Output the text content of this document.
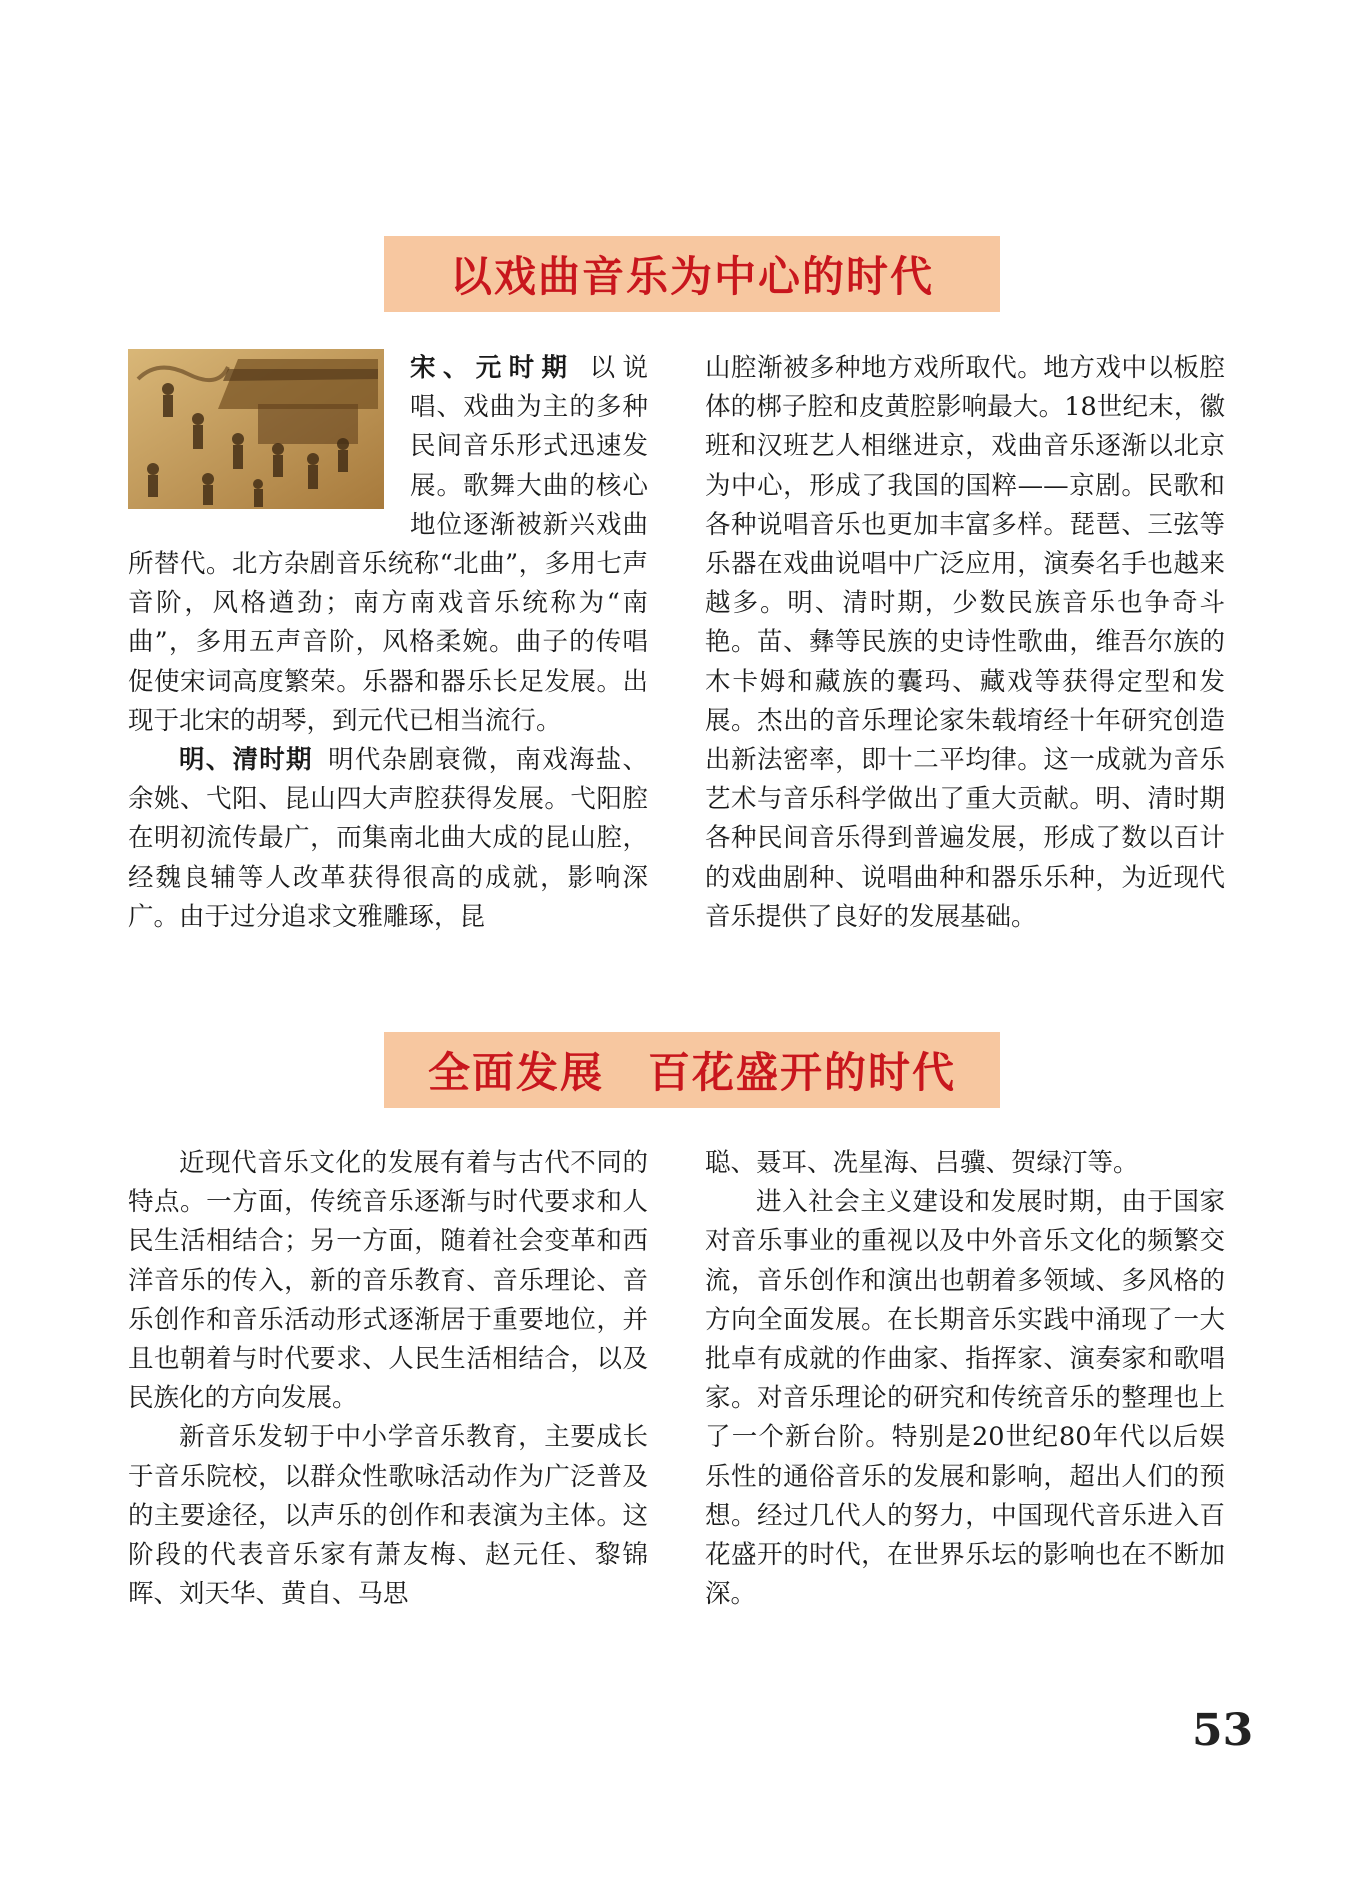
以戏曲音乐为中心的时代

宋、元时期 以说唱、戏曲为主的多种民间音乐形式迅速发展。歌舞大曲的核心地位逐渐被新兴戏曲所替代。北方杂剧音乐统称“北曲”，多用七声音阶，风格遒劲；南方南戏音乐统称为“南曲”，多用五声音阶，风格柔婉。曲子的传唱促使宋词高度繁荣。乐器和器乐长足发展。出现于北宋的胡琴，到元代已相当流行。

明、清时期 明代杂剧衰微，南戏海盐、余姚、弋阳、昆山四大声腔获得发展。弋阳腔在明初流传最广，而集南北曲大成的昆山腔，经魏良辅等人改革获得很高的成就，影响深广。由于过分追求文雅雕琢，昆

山腔渐被多种地方戏所取代。地方戏中以板腔体的梆子腔和皮黄腔影响最大。18世纪末，徽班和汉班艺人相继进京，戏曲音乐逐渐以北京为中心，形成了我国的国粹——京剧。民歌和各种说唱音乐也更加丰富多样。琵琶、三弦等乐器在戏曲说唱中广泛应用，演奏名手也越来越多。明、清时期，少数民族音乐也争奇斗艳。苗、彝等民族的史诗性歌曲，维吾尔族的木卡姆和藏族的囊玛、藏戏等获得定型和发展。杰出的音乐理论家朱载堉经十年研究创造出新法密率，即十二平均律。这一成就为音乐艺术与音乐科学做出了重大贡献。明、清时期各种民间音乐得到普遍发展，形成了数以百计的戏曲剧种、说唱曲种和器乐乐种，为近现代音乐提供了良好的发展基础。

全面发展　百花盛开的时代

近现代音乐文化的发展有着与古代不同的特点。一方面，传统音乐逐渐与时代要求和人民生活相结合；另一方面，随着社会变革和西洋音乐的传入，新的音乐教育、音乐理论、音乐创作和音乐活动形式逐渐居于重要地位，并且也朝着与时代要求、人民生活相结合，以及民族化的方向发展。

新音乐发轫于中小学音乐教育，主要成长于音乐院校，以群众性歌咏活动作为广泛普及的主要途径，以声乐的创作和表演为主体。这阶段的代表音乐家有萧友梅、赵元任、黎锦晖、刘天华、黄自、马思

聪、聂耳、冼星海、吕骥、贺绿汀等。

进入社会主义建设和发展时期，由于国家对音乐事业的重视以及中外音乐文化的频繁交流，音乐创作和演出也朝着多领域、多风格的方向全面发展。在长期音乐实践中涌现了一大批卓有成就的作曲家、指挥家、演奏家和歌唱家。对音乐理论的研究和传统音乐的整理也上了一个新台阶。特别是20世纪80年代以后娱乐性的通俗音乐的发展和影响，超出人们的预想。经过几代人的努力，中国现代音乐进入百花盛开的时代，在世界乐坛的影响也在不断加深。

53
